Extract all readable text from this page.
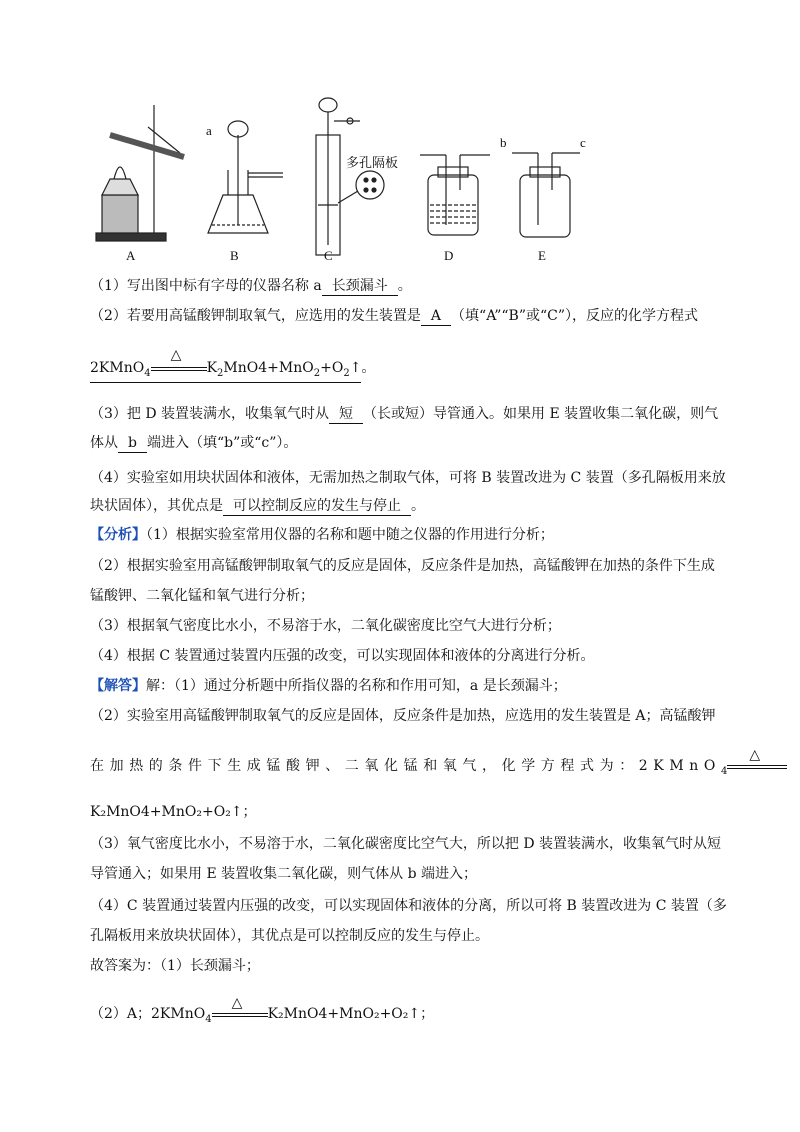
A	B	C	D	E
a
b	c
多孔隔板
（1）写出图中标有字母的仪器名称 a 长颈漏斗 。
（2）若要用高锰酸钾制取氧气，应选用的发生装置是 A （填“A”“B”或“C”），反应的化学方程式
2KMnO$_4$
△
$K_2MnO4+MnO_2+O_2↑$。
（3）把 D 装置装满水，收集氧气时从 短 （长或短）导管通入。如果用 E 装置收集二氧化碳，则气
体从 b 端进入（填“b”或“c”）。
（4）实验室如用块状固体和液体，无需加热之制取气体，可将 B 装置改进为 C 装置（多孔隔板用来放
块状固体），其优点是 可以控制反应的发生与停止 。
【分析】（1）根据实验室常用仪器的名称和题中随之仪器的作用进行分析；
（2）根据实验室用高锰酸钾制取氧气的反应是固体，反应条件是加热，高锰酸钾在加热的条件下生成
锰酸钾、二氧化锰和氧气进行分析；
（3）根据氧气密度比水小，不易溶于水，二氧化碳密度比空气大进行分析；
（4）根据 C 装置通过装置内压强的改变，可以实现固体和液体的分离进行分析。
【解答】解：（1）通过分析题中所指仪器的名称和作用可知，a 是长颈漏斗；
（2）实验室用高锰酸钾制取氧气的反应是固体，反应条件是加热，应选用的发生装置是 A；高锰酸钾
在加热的条件下生成锰酸钾、二氧化锰和氧气，化学方程式为：2KMnO$_4$
△
K₂MnO4+MnO₂+O₂↑；
（3）氧气密度比水小，不易溶于水，二氧化碳密度比空气大，所以把 D 装置装满水，收集氧气时从短
导管通入；如果用 E 装置收集二氧化碳，则气体从 b 端进入；
（4）C 装置通过装置内压强的改变，可以实现固体和液体的分离，所以可将 B 装置改进为 C 装置（多
孔隔板用来放块状固体），其优点是可以控制反应的发生与停止。
故答案为：（1）长颈漏斗；
（2）A；2KMnO$_4$
△
K₂MnO4+MnO₂+O₂↑；
